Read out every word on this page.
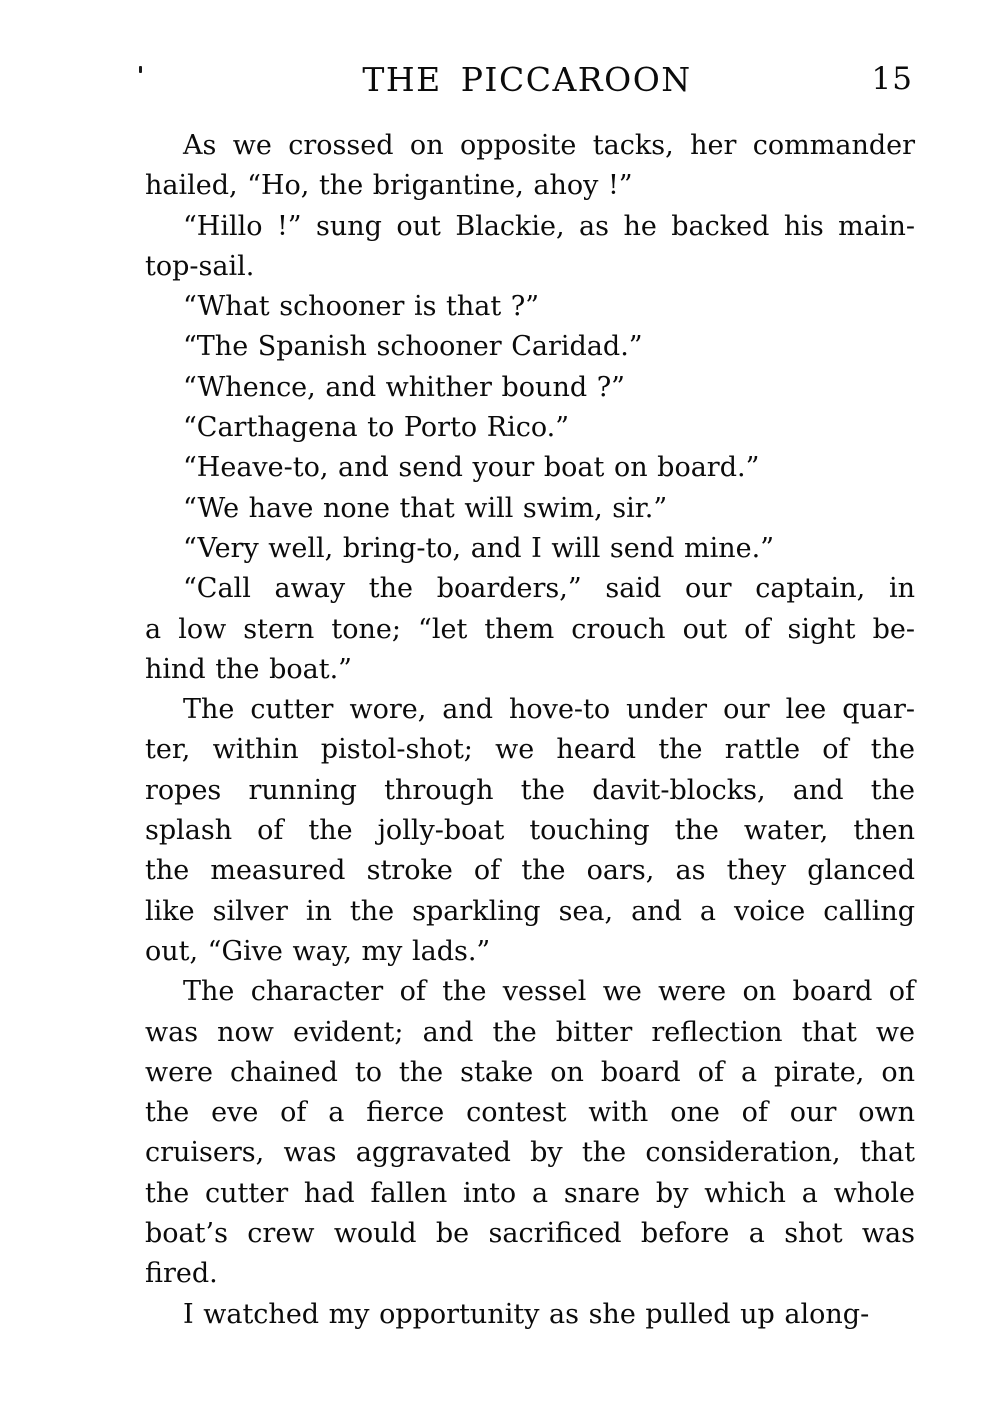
THE PICCAROON	15
As we crossed on opposite tacks, her commander
hailed, “Ho, the brigantine, ahoy !”
“Hillo !” sung out Blackie, as he backed his main-
top-sail.
“What schooner is that ?”
“The Spanish schooner Caridad.”
“Whence, and whither bound ?”
“Carthagena to Porto Rico.”
“Heave-to, and send your boat on board.”
“We have none that will swim, sir.”
“Very well, bring-to, and I will send mine.”
“Call away the boarders,” said our captain, in
a low stern tone; “let them crouch out of sight be-
hind the boat.”
The cutter wore, and hove-to under our lee quar-
ter, within pistol-shot; we heard the rattle of the
ropes running through the davit-blocks, and the
splash of the jolly-boat touching the water, then
the measured stroke of the oars, as they glanced
like silver in the sparkling sea, and a voice calling
out, “Give way, my lads.”
The character of the vessel we were on board of
was now evident; and the bitter reflection that we
were chained to the stake on board of a pirate, on
the eve of a fierce contest with one of our own
cruisers, was aggravated by the consideration, that
the cutter had fallen into a snare by which a whole
boat’s crew would be sacrificed before a shot was
fired.
I watched my opportunity as she pulled up along-
